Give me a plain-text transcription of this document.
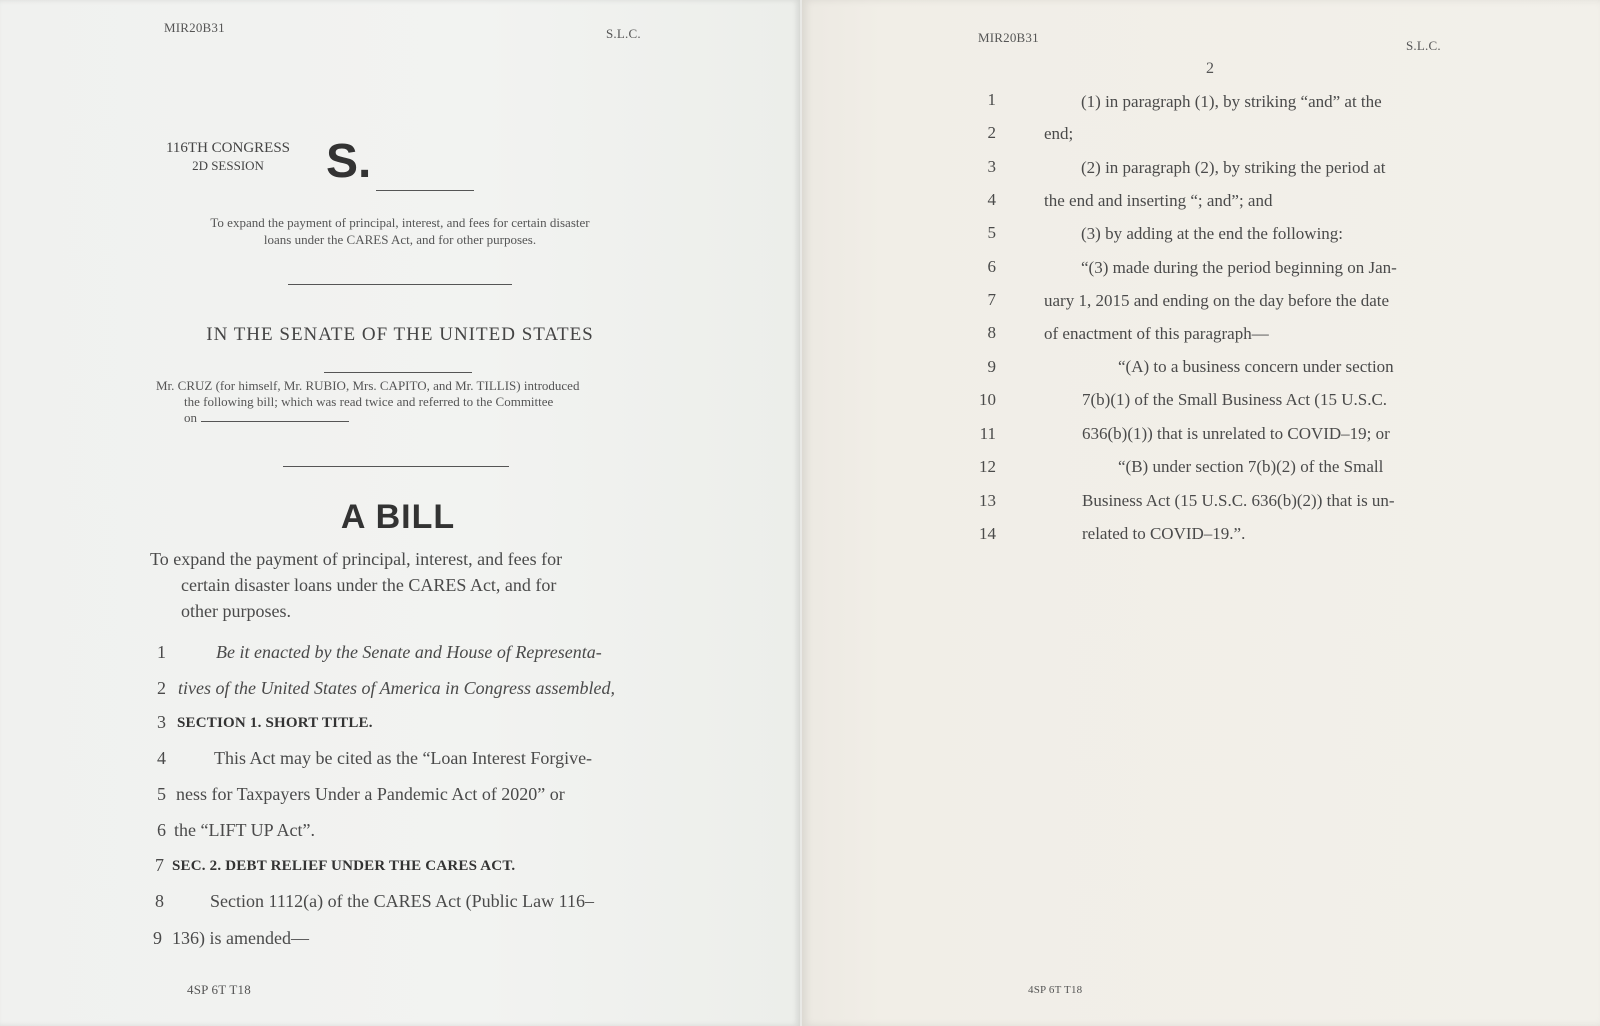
MIR20B31	S.L.C.
116TH CONGRESS
2D SESSION	S.
To expand the payment of principal, interest, and fees for certain disaster
loans under the CARES Act, and for other purposes.
IN THE SENATE OF THE UNITED STATES
Mr. CRUZ (for himself, Mr. RUBIO, Mrs. CAPITO, and Mr. TILLIS) introduced
the following bill; which was read twice and referred to the Committee
on
A BILL
To expand the payment of principal, interest, and fees for
certain disaster loans under the CARES Act, and for
other purposes.
1	Be it enacted by the Senate and House of Representa-
2 tives of the United States of America in Congress assembled,
3 SECTION 1. SHORT TITLE.
4	This Act may be cited as the “Loan Interest Forgive-
5 ness for Taxpayers Under a Pandemic Act of 2020” or
6 the “LIFT UP Act”.
7 SEC. 2. DEBT RELIEF UNDER THE CARES ACT.
8	Section 1112(a) of the CARES Act (Public Law 116–
9 136) is amended—
4SP 6T T18
MIR20B31
S.L.C.
2
1	(1) in paragraph (1), by striking “and” at the
2	end;
3	(2) in paragraph (2), by striking the period at
4	the end and inserting “; and”; and
5	(3) by adding at the end the following:
6	“(3) made during the period beginning on Jan-
7	uary 1, 2015 and ending on the day before the date
8	of enactment of this paragraph—
9	“(A) to a business concern under section
10	7(b)(1) of the Small Business Act (15 U.S.C.
11	636(b)(1)) that is unrelated to COVID–19; or
12	“(B) under section 7(b)(2) of the Small
13	Business Act (15 U.S.C. 636(b)(2)) that is un-
14	related to COVID–19.”.
4SP 6T T18
